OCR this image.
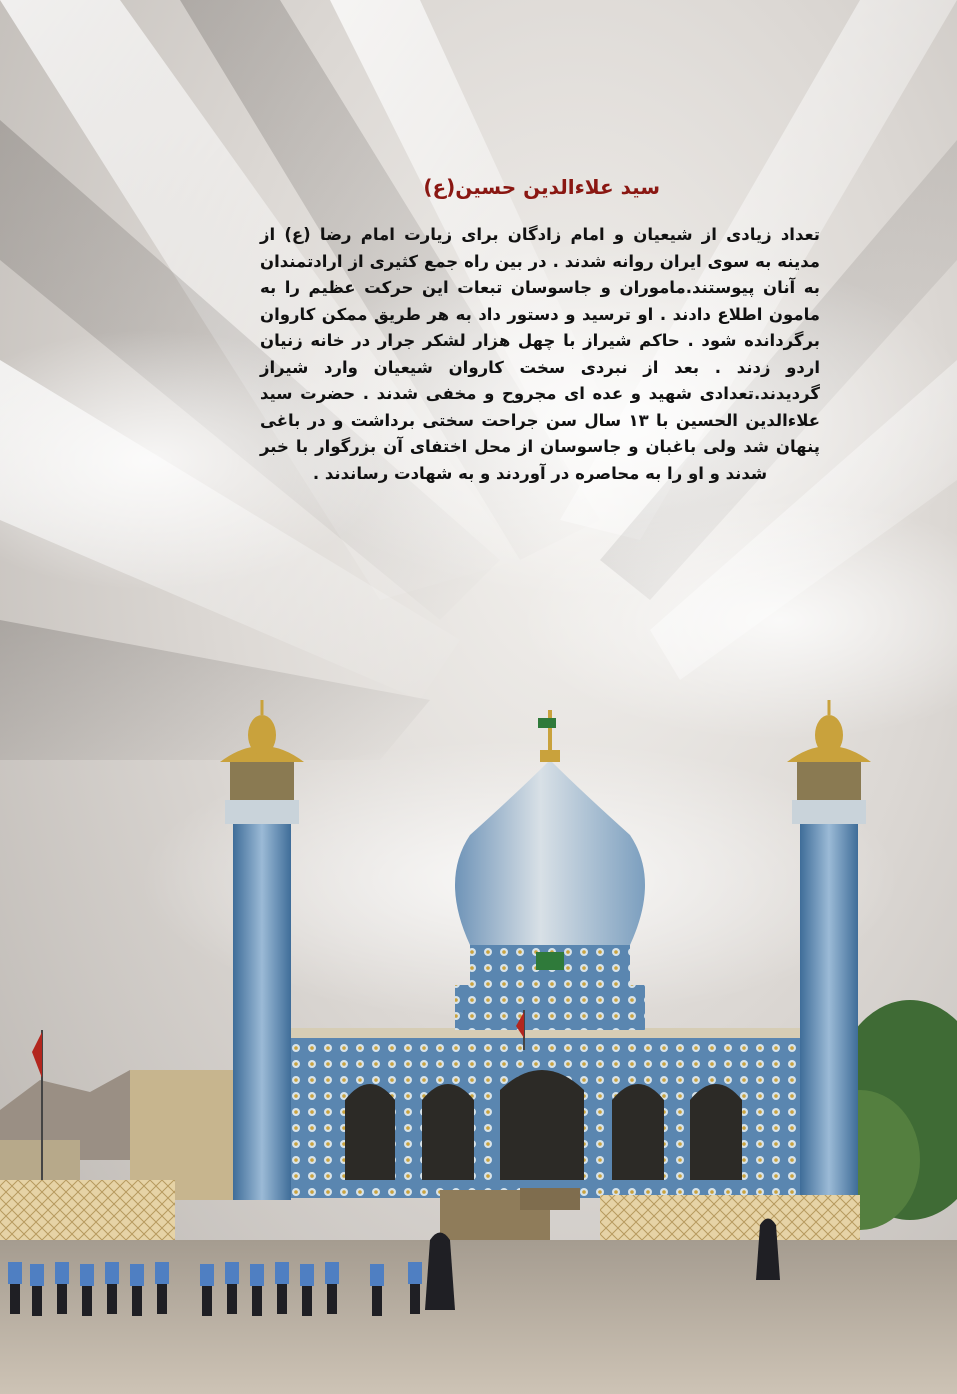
سید علاءالدین حسین(ع)
تعداد زیادی از شیعیان و امام زادگان برای زیارت امام رضا (ع) از مدینه به سوی ایران روانه شدند . در بین راه جمع کثیری از ارادتمندان به آنان پیوستند.ماموران و جاسوسان تبعات این حرکت عظیم را به مامون اطلاع دادند . او ترسید و دستور داد به هر طریق ممکن کاروان برگردانده شود . حاکم شیراز با چهل هزار لشکر جرار در خانه زنیان اردو زدند . بعد از نبردی سخت کاروان شیعیان وارد شیراز گردیدند.تعدادی شهید و عده ای مجروح و مخفی شدند . حضرت سید علاءالدین الحسین با ۱۳ سال سن جراحت سختی برداشت و در باغی پنهان شد ولی باغبان و جاسوسان از محل اختفای آن بزرگوار با خبر شدند و او را به محاصره در آوردند و به شهادت رساندند .
